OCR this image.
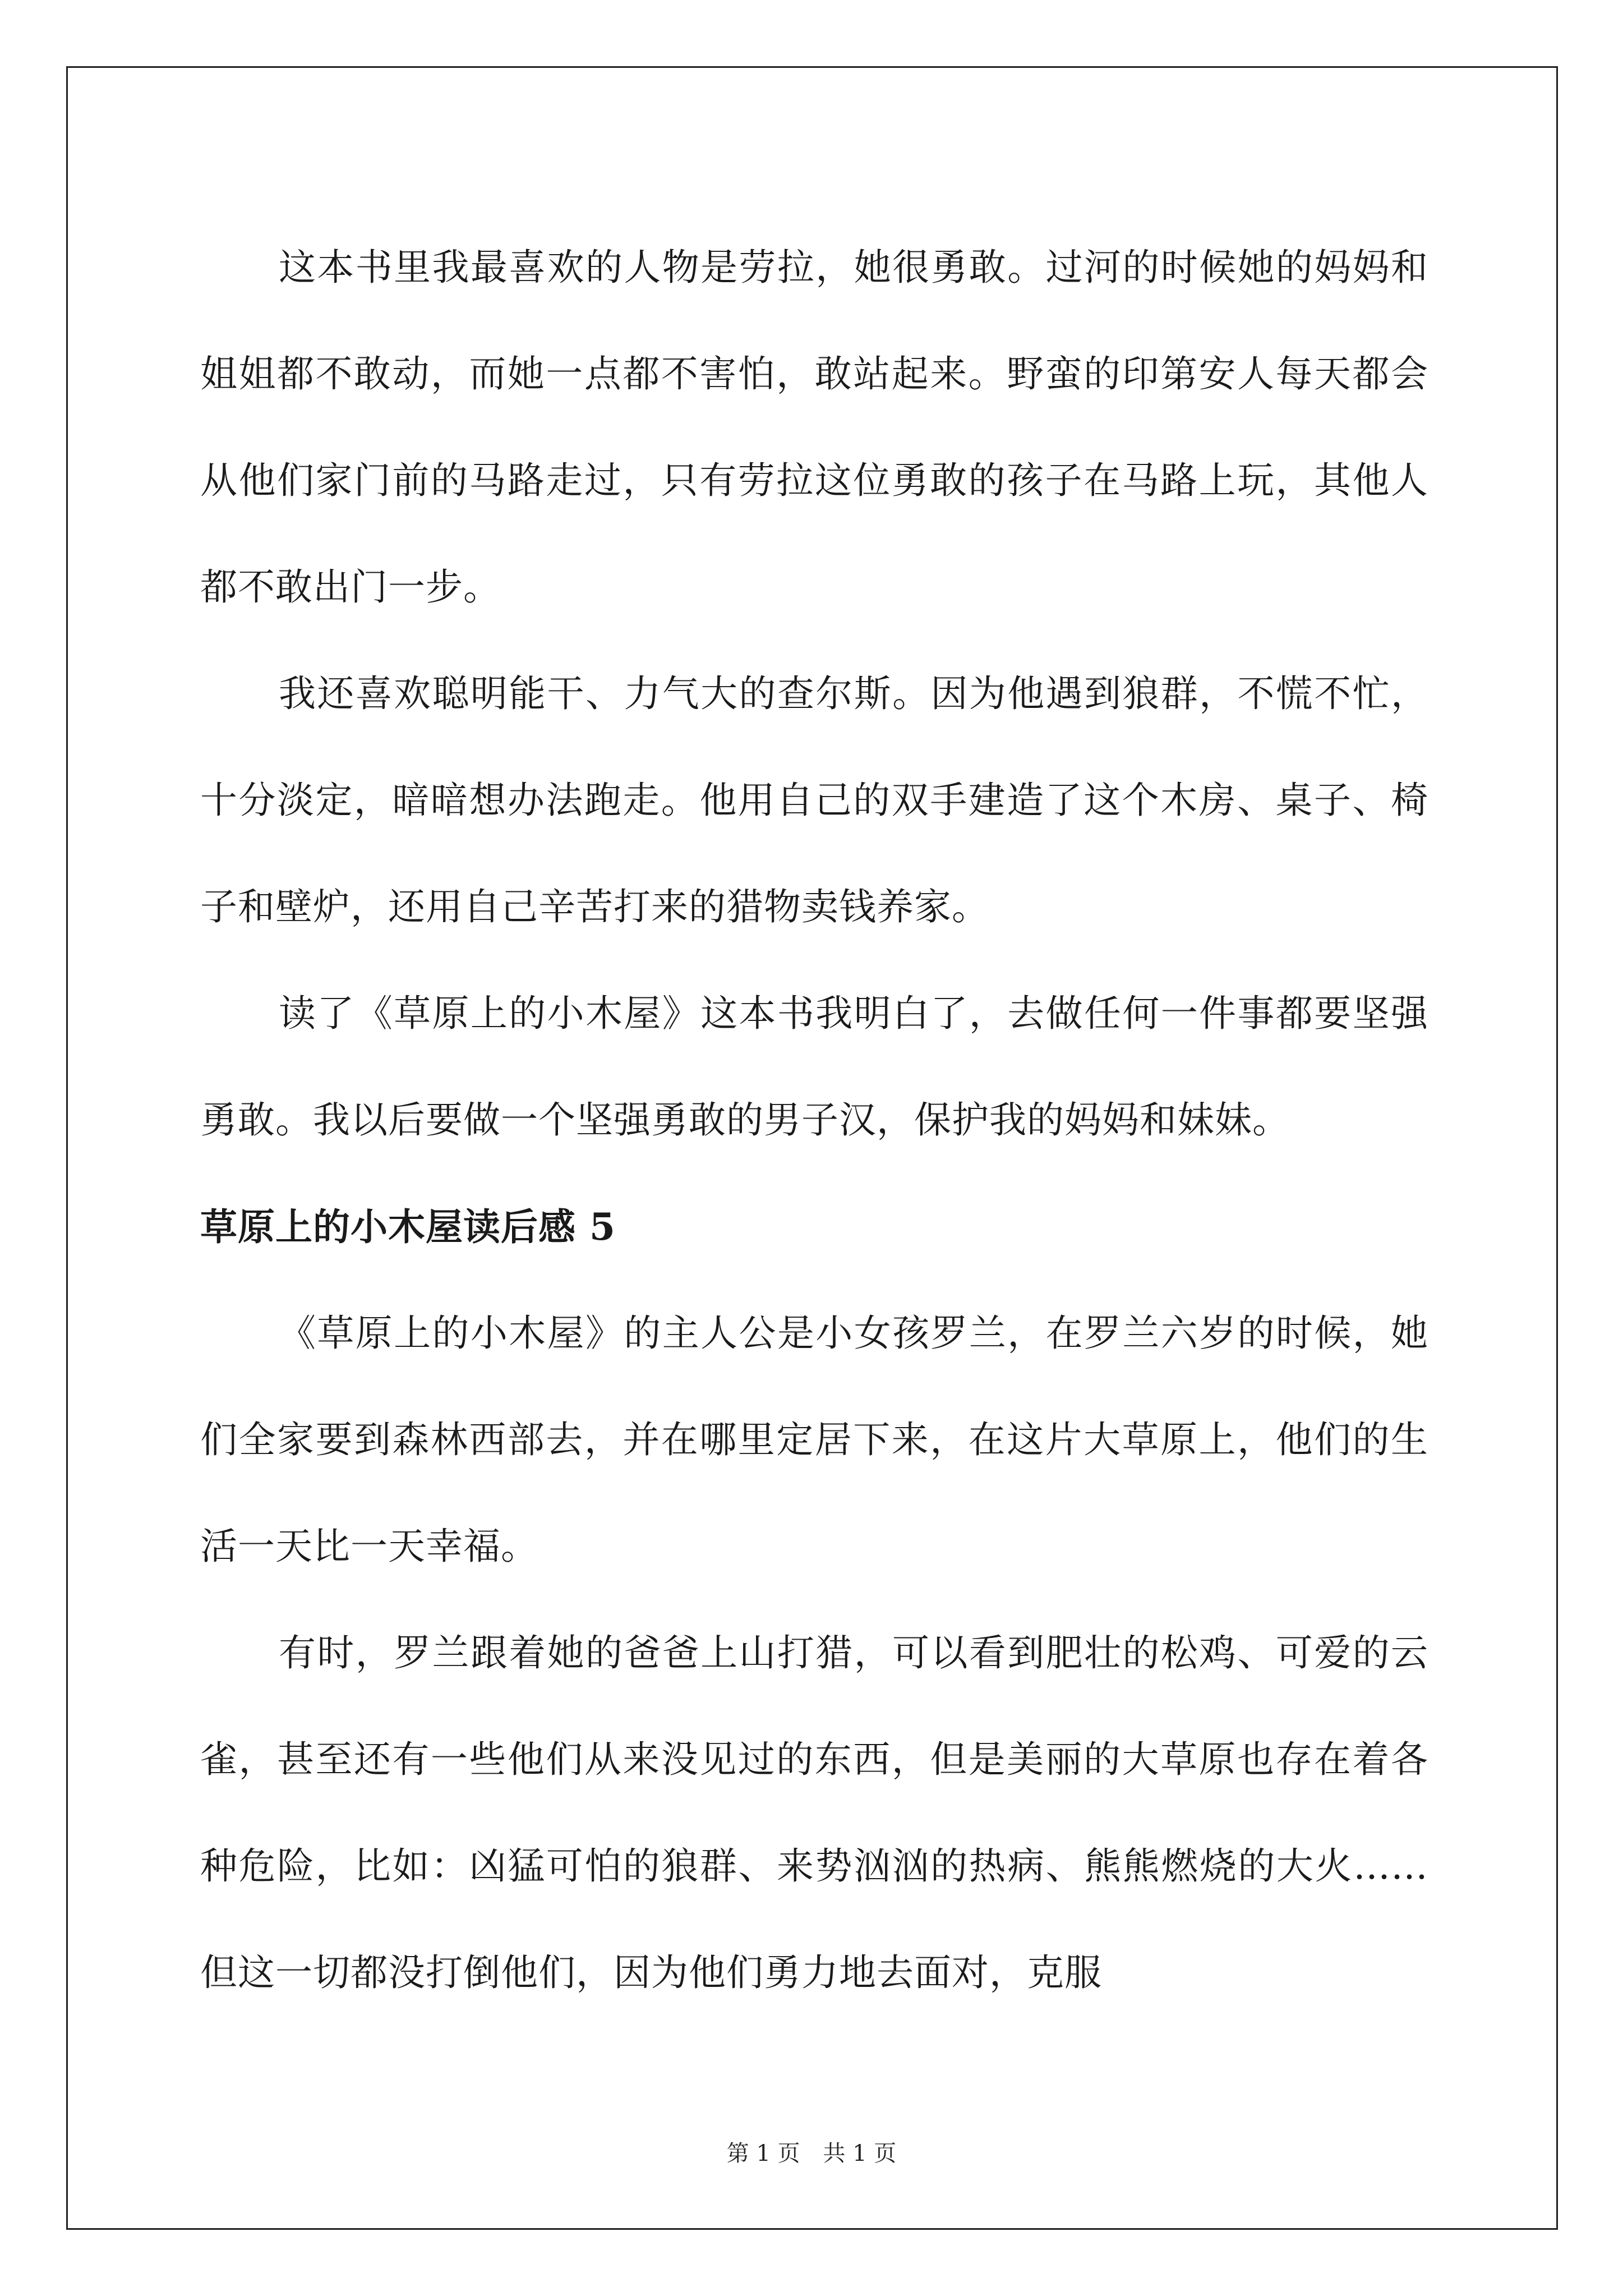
这本书里我最喜欢的人物是劳拉，她很勇敢。过河的时候她的妈妈和姐姐都不敢动，而她一点都不害怕，敢站起来。野蛮的印第安人每天都会从他们家门前的马路走过，只有劳拉这位勇敢的孩子在马路上玩，其他人都不敢出门一步。

我还喜欢聪明能干、力气大的查尔斯。因为他遇到狼群，不慌不忙，十分淡定，暗暗想办法跑走。他用自己的双手建造了这个木房、桌子、椅子和壁炉，还用自己辛苦打来的猎物卖钱养家。

读了《草原上的小木屋》这本书我明白了，去做任何一件事都要坚强勇敢。我以后要做一个坚强勇敢的男子汉，保护我的妈妈和妹妹。

草原上的小木屋读后感 5

《草原上的小木屋》的主人公是小女孩罗兰，在罗兰六岁的时候，她们全家要到森林西部去，并在哪里定居下来，在这片大草原上，他们的生活一天比一天幸福。

有时，罗兰跟着她的爸爸上山打猎，可以看到肥壮的松鸡、可爱的云雀，甚至还有一些他们从来没见过的东西，但是美丽的大草原也存在着各种危险，比如：凶猛可怕的狼群、来势汹汹的热病、熊熊燃烧的大火……但这一切都没打倒他们，因为他们勇力地去面对，克服

第 1 页 共 1 页
